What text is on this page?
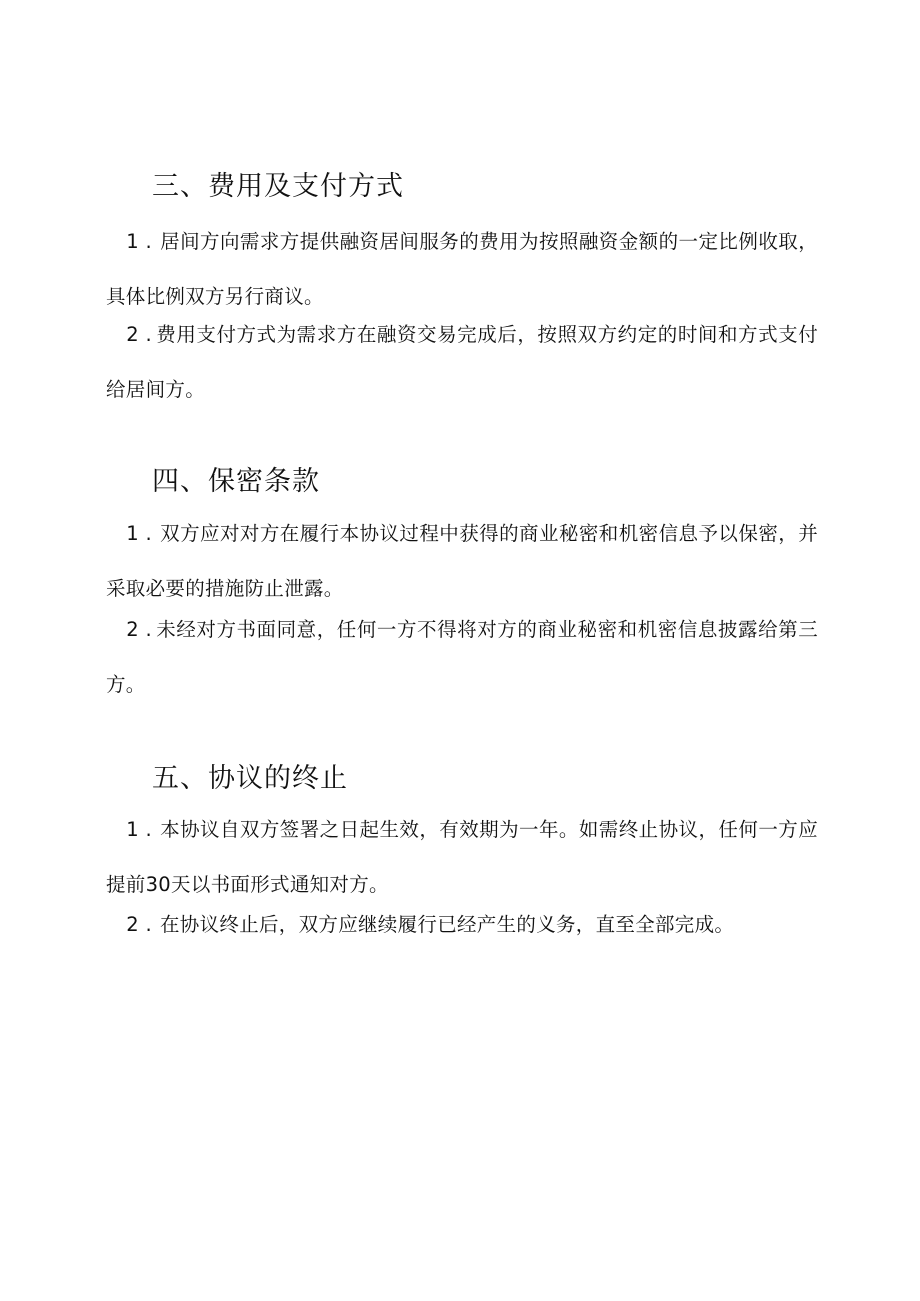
三、费用及支付方式

1 . 居间方向需求方提供融资居间服务的费用为按照融资金额的一定比例收取，具体比例双方另行商议。

2 . 费用支付方式为需求方在融资交易完成后，按照双方约定的时间和方式支付给居间方。

四、保密条款

1 . 双方应对对方在履行本协议过程中获得的商业秘密和机密信息予以保密，并采取必要的措施防止泄露。

2 . 未经对方书面同意，任何一方不得将对方的商业秘密和机密信息披露给第三方。

五、协议的终止

1 . 本协议自双方签署之日起生效，有效期为一年。如需终止协议，任何一方应提前30天以书面形式通知对方。

2 . 在协议终止后，双方应继续履行已经产生的义务，直至全部完成。
